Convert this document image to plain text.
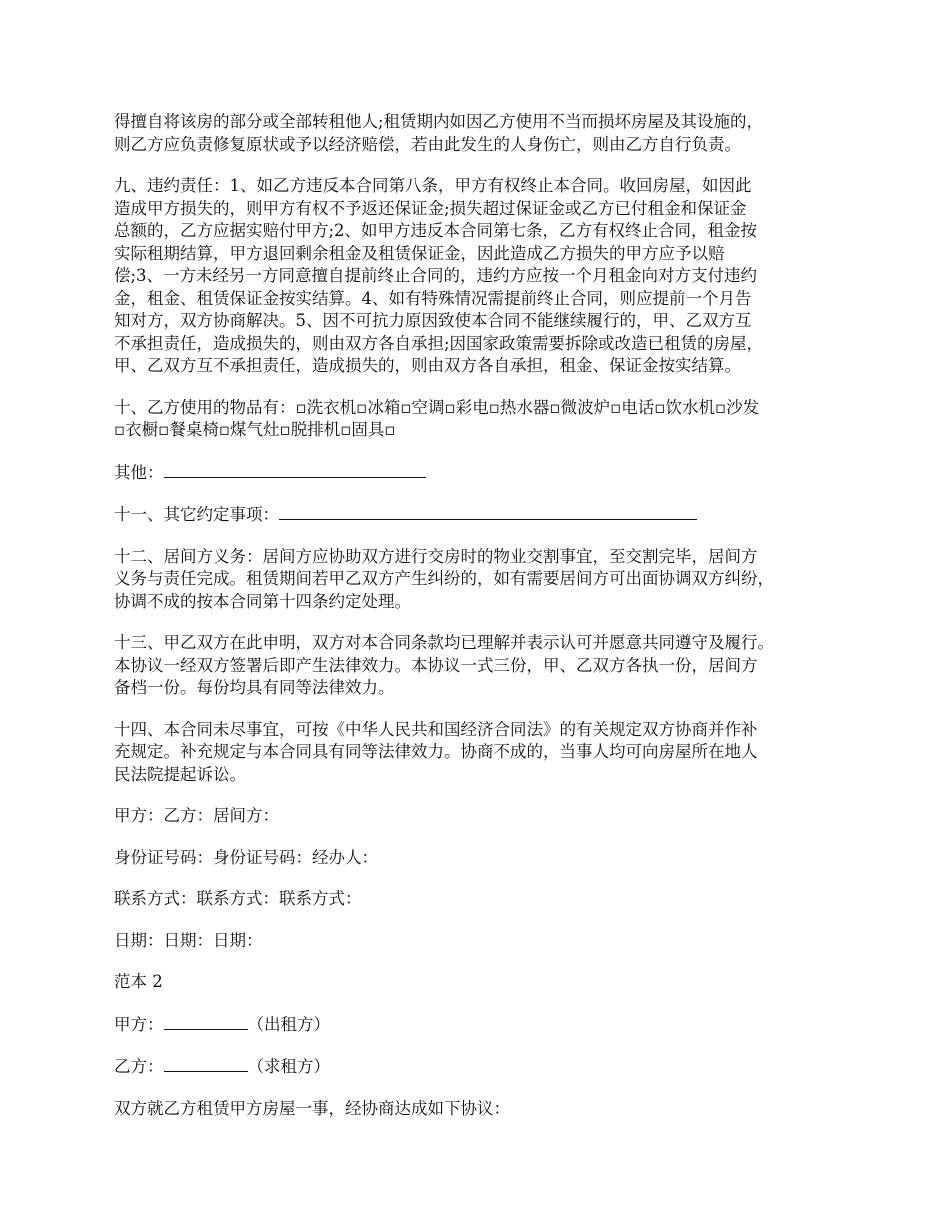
得擅自将该房的部分或全部转租他人;租赁期内如因乙方使用不当而损坏房屋及其设施的，
则乙方应负责修复原状或予以经济赔偿，若由此发生的人身伤亡，则由乙方自行负责。
九、违约责任：1、如乙方违反本合同第八条，甲方有权终止本合同。收回房屋，如因此
造成甲方损失的，则甲方有权不予返还保证金;损失超过保证金或乙方已付租金和保证金
总额的，乙方应据实赔付甲方;2、如甲方违反本合同第七条，乙方有权终止合同，租金按
实际租期结算，甲方退回剩余租金及租赁保证金，因此造成乙方损失的甲方应予以赔
偿;3、一方未经另一方同意擅自提前终止合同的，违约方应按一个月租金向对方支付违约
金，租金、租赁保证金按实结算。4、如有特殊情况需提前终止合同，则应提前一个月告
知对方，双方协商解决。5、因不可抗力原因致使本合同不能继续履行的，甲、乙双方互
不承担责任，造成损失的，则由双方各自承担;因国家政策需要拆除或改造已租赁的房屋，
甲、乙双方互不承担责任，造成损失的，则由双方各自承担，租金、保证金按实结算。
十、乙方使用的物品有：▫洗衣机▫冰箱▫空调▫彩电▫热水器▫微波炉▫电话▫饮水机▫沙发
▫衣橱▫餐桌椅▫煤气灶▫脱排机▫固具▫
其他：
十一、其它约定事项：
十二、居间方义务：居间方应协助双方进行交房时的物业交割事宜，至交割完毕，居间方
义务与责任完成。租赁期间若甲乙双方产生纠纷的，如有需要居间方可出面协调双方纠纷，
协调不成的按本合同第十四条约定处理。
十三、甲乙双方在此申明，双方对本合同条款均已理解并表示认可并愿意共同遵守及履行。
本协议一经双方签署后即产生法律效力。本协议一式三份，甲、乙双方各执一份，居间方
备档一份。每份均具有同等法律效力。
十四、本合同未尽事宜，可按《中华人民共和国经济合同法》的有关规定双方协商并作补
充规定。补充规定与本合同具有同等法律效力。协商不成的，当事人均可向房屋所在地人
民法院提起诉讼。
甲方：乙方：居间方：
身份证号码：身份证号码：经办人：
联系方式：联系方式：联系方式：
日期：日期：日期：
范本 2
甲方：	（出租方）
乙方：	（求租方）
双方就乙方租赁甲方房屋一事，经协商达成如下协议：
